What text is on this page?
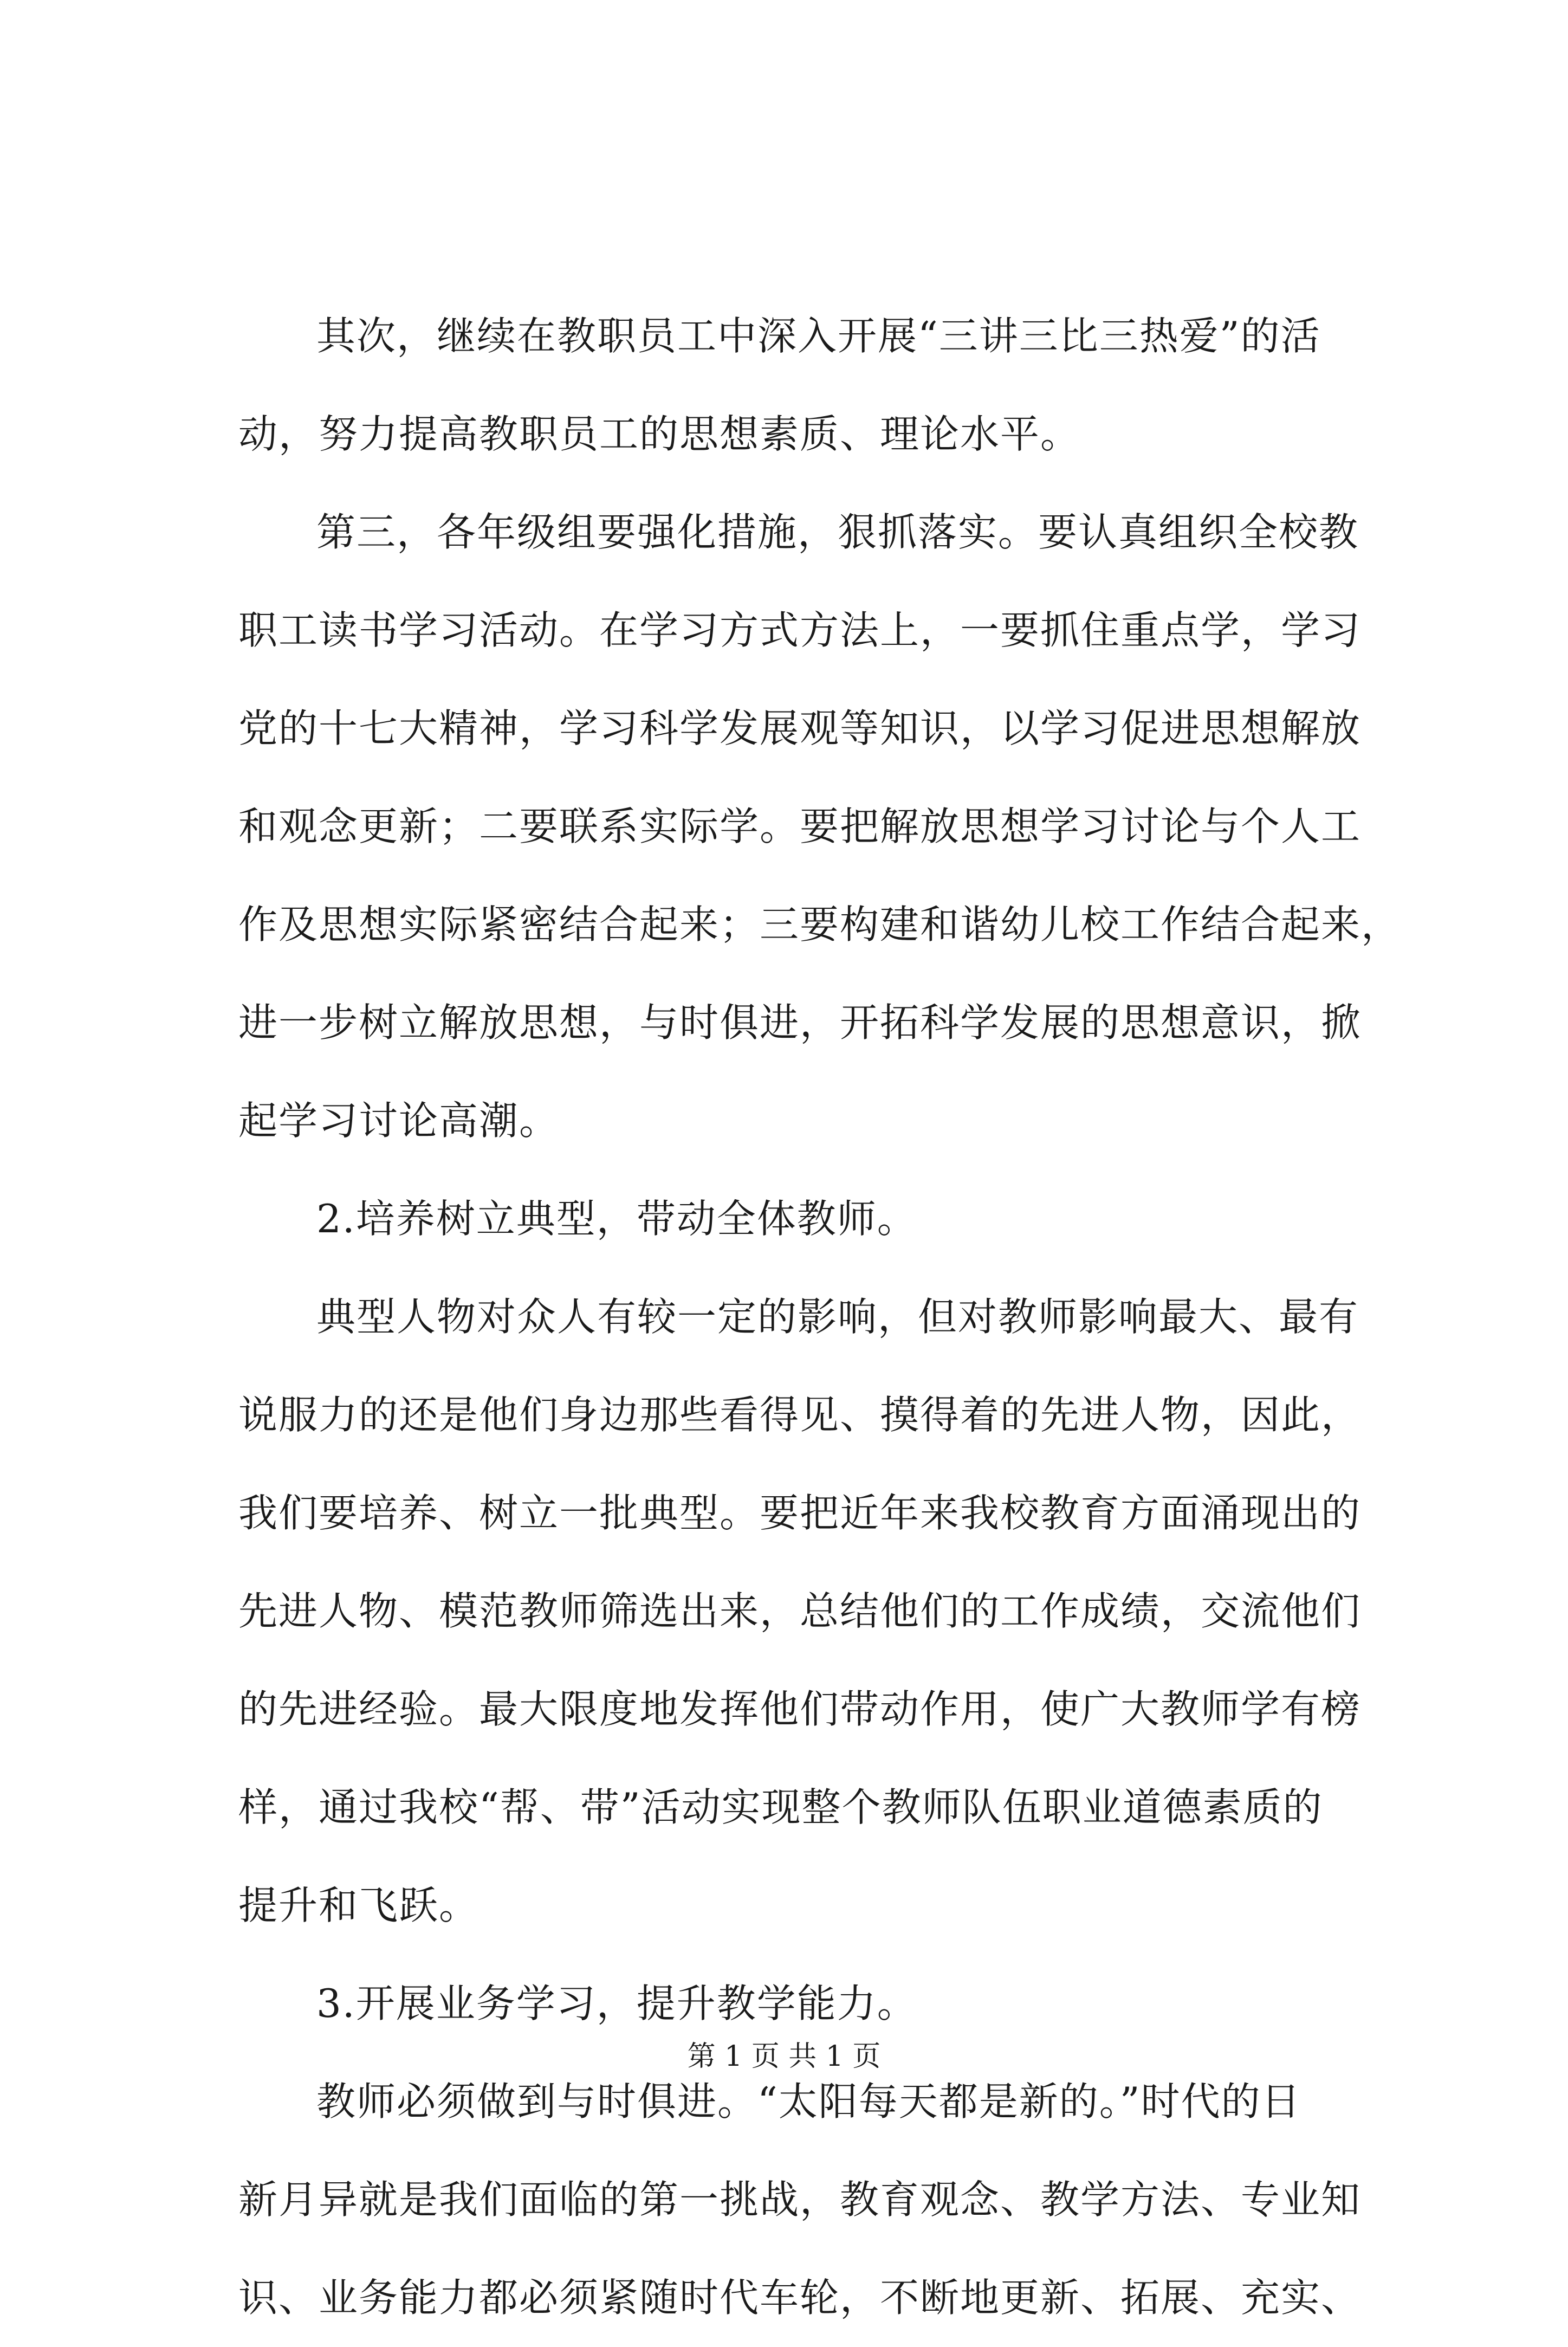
其次，继续在教职员工中深入开展“三讲三比三热爱”的活
动，努力提高教职员工的思想素质、理论水平。
第三，各年级组要强化措施，狠抓落实。要认真组织全校教
职工读书学习活动。在学习方式方法上，一要抓住重点学，学习
党的十七大精神，学习科学发展观等知识，以学习促进思想解放
和观念更新；二要联系实际学。要把解放思想学习讨论与个人工
作及思想实际紧密结合起来；三要构建和谐幼儿校工作结合起来，
进一步树立解放思想，与时俱进，开拓科学发展的思想意识，掀
起学习讨论高潮。
2.培养树立典型，带动全体教师。
典型人物对众人有较一定的影响，但对教师影响最大、最有
说服力的还是他们身边那些看得见、摸得着的先进人物，因此，
我们要培养、树立一批典型。要把近年来我校教育方面涌现出的
先进人物、模范教师筛选出来，总结他们的工作成绩，交流他们
的先进经验。最大限度地发挥他们带动作用，使广大教师学有榜
样，通过我校“帮、带”活动实现整个教师队伍职业道德素质的
提升和飞跃。
3.开展业务学习，提升教学能力。
教师必须做到与时俱进。“太阳每天都是新的。”时代的日
新月异就是我们面临的第一挑战，教育观念、教学方法、专业知
识、业务能力都必须紧随时代车轮，不断地更新、拓展、充实、
第 1 页 共 1 页
